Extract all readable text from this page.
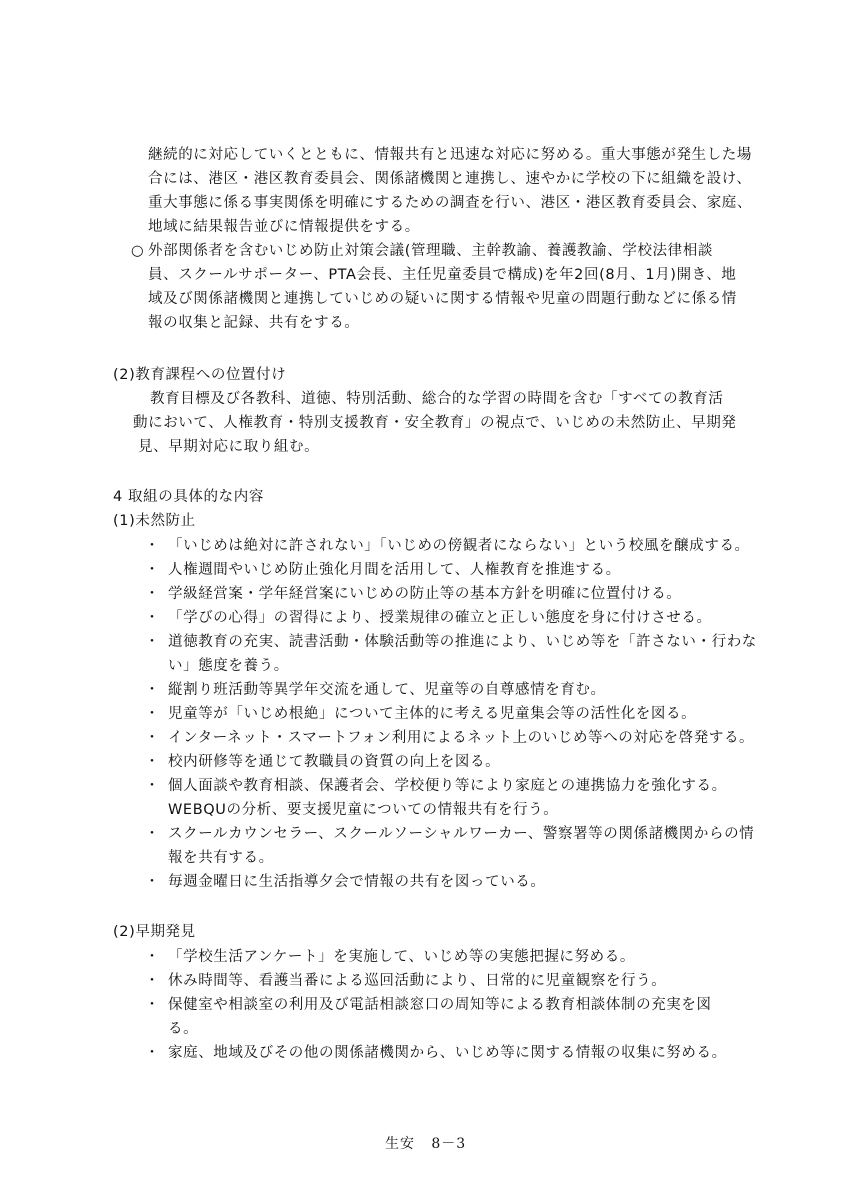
継続的に対応していくとともに、情報共有と迅速な対応に努める。重大事態が発生した場
合には、港区・港区教育委員会、関係諸機関と連携し、速やかに学校の下に組織を設け、
重大事態に係る事実関係を明確にするための調査を行い、港区・港区教育委員会、家庭、
地域に結果報告並びに情報提供をする。
○ 外部関係者を含むいじめ防止対策会議(管理職、主幹教諭、養護教諭、学校法律相談
員、スクールサポーター、PTA会長、主任児童委員で構成)を年2回(8月、1月)開き、地
域及び関係諸機関と連携していじめの疑いに関する情報や児童の問題行動などに係る情
報の収集と記録、共有をする。
(2)教育課程への位置付け
教育目標及び各教科、道徳、特別活動、総合的な学習の時間を含む「すべての教育活
動において、人権教育・特別支援教育・安全教育」の視点で、いじめの未然防止、早期発
見、早期対応に取り組む。
4 取組の具体的な内容
(1)未然防止
・ 「いじめは絶対に許されない」「いじめの傍観者にならない」という校風を醸成する。
・ 人権週間やいじめ防止強化月間を活用して、人権教育を推進する。
・ 学級経営案・学年経営案にいじめの防止等の基本方針を明確に位置付ける。
・ 「学びの心得」の習得により、授業規律の確立と正しい態度を身に付けさせる。
・ 道徳教育の充実、読書活動・体験活動等の推進により、いじめ等を「許さない・行わな
い」態度を養う。
・ 縦割り班活動等異学年交流を通して、児童等の自尊感情を育む。
・ 児童等が「いじめ根絶」について主体的に考える児童集会等の活性化を図る。
・ インターネット・スマートフォン利用によるネット上のいじめ等への対応を啓発する。
・ 校内研修等を通じて教職員の資質の向上を図る。
・ 個人面談や教育相談、保護者会、学校便り等により家庭との連携協力を強化する。
WEBQUの分析、要支援児童についての情報共有を行う。
・ スクールカウンセラー、スクールソーシャルワーカー、警察署等の関係諸機関からの情
報を共有する。
・ 毎週金曜日に生活指導夕会で情報の共有を図っている。
(2)早期発見
・ 「学校生活アンケート」を実施して、いじめ等の実態把握に努める。
・ 休み時間等、看護当番による巡回活動により、日常的に児童観察を行う。
・ 保健室や相談室の利用及び電話相談窓口の周知等による教育相談体制の充実を図
る。
・ 家庭、地域及びその他の関係諸機関から、いじめ等に関する情報の収集に努める。
生安   8－3
